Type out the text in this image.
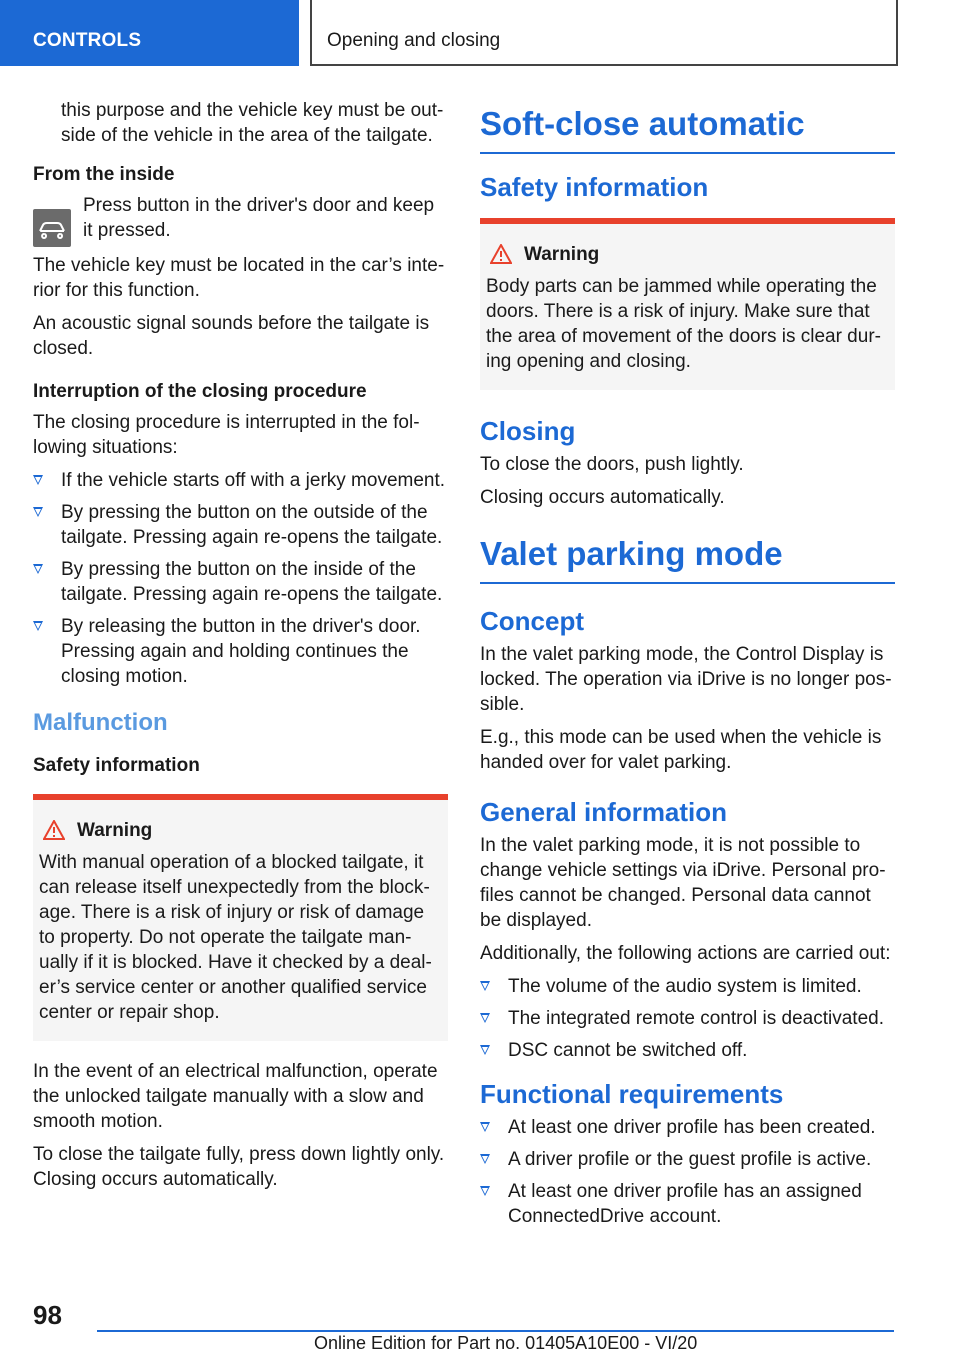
CONTROLS	Opening and closing

this purpose and the vehicle key must be outside of the vehicle in the area of the tailgate.

From the inside

Press button in the driver's door and keep it pressed.

The vehicle key must be located in the car’s interior for this function.

An acoustic signal sounds before the tailgate is closed.

Interruption of the closing procedure

The closing procedure is interrupted in the following situations:

If the vehicle starts off with a jerky movement.
By pressing the button on the outside of the tailgate. Pressing again re-opens the tailgate.
By pressing the button on the inside of the tailgate. Pressing again re-opens the tailgate.
By releasing the button in the driver's door. Pressing again and holding continues the closing motion.
Malfunction
Safety information
Warning

With manual operation of a blocked tailgate, it can release itself unexpectedly from the blockage. There is a risk of injury or risk of damage to property. Do not operate the tailgate manually if it is blocked. Have it checked by a dealer’s service center or another qualified service center or repair shop.

In the event of an electrical malfunction, operate the unlocked tailgate manually with a slow and smooth motion.

To close the tailgate fully, press down lightly only. Closing occurs automatically.

Soft-close automatic
Safety information
Warning

Body parts can be jammed while operating the doors. There is a risk of injury. Make sure that the area of movement of the doors is clear during opening and closing.

Closing

To close the doors, push lightly.

Closing occurs automatically.

Valet parking mode
Concept

In the valet parking mode, the Control Display is locked. The operation via iDrive is no longer possible.

E.g., this mode can be used when the vehicle is handed over for valet parking.

General information

In the valet parking mode, it is not possible to change vehicle settings via iDrive. Personal profiles cannot be changed. Personal data cannot be displayed.

Additionally, the following actions are carried out:

The volume of the audio system is limited.
The integrated remote control is deactivated.
DSC cannot be switched off.
Functional requirements
At least one driver profile has been created.
A driver profile or the guest profile is active.
At least one driver profile has an assigned ConnectedDrive account.
98
Online Edition for Part no. 01405A10E00 - VI/20
